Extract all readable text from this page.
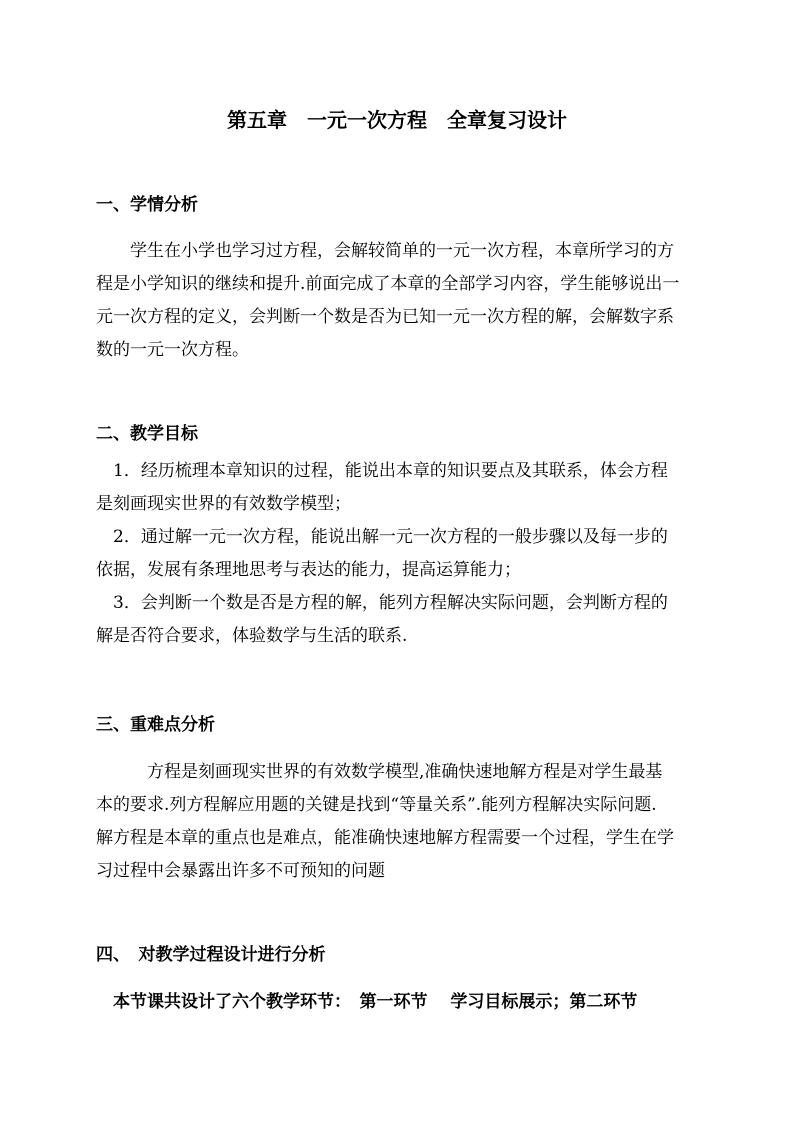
第五章　一元一次方程　全章复习设计
一、学情分析
　　学生在小学也学习过方程，会解较简单的一元一次方程，本章所学习的方
程是小学知识的继续和提升.前面完成了本章的全部学习内容，学生能够说出一
元一次方程的定义，会判断一个数是否为已知一元一次方程的解，会解数字系
数的一元一次方程。
二、教学目标
　1．经历梳理本章知识的过程，能说出本章的知识要点及其联系，体会方程
是刻画现实世界的有效数学模型；
　2．通过解一元一次方程，能说出解一元一次方程的一般步骤以及每一步的
依据，发展有条理地思考与表达的能力，提高运算能力；
　3．会判断一个数是否是方程的解，能列方程解决实际问题，会判断方程的
解是否符合要求，体验数学与生活的联系.
三、重难点分析
　　　方程是刻画现实世界的有效数学模型,准确快速地解方程是对学生最基
本的要求.列方程解应用题的关键是找到“等量关系”.能列方程解决实际问题.
解方程是本章的重点也是难点，能准确快速地解方程需要一个过程，学生在学
习过程中会暴露出许多不可预知的问题
四、　对教学过程设计进行分析
　本节课共设计了六个教学环节：　第一环节　 学习目标展示；第二环节
